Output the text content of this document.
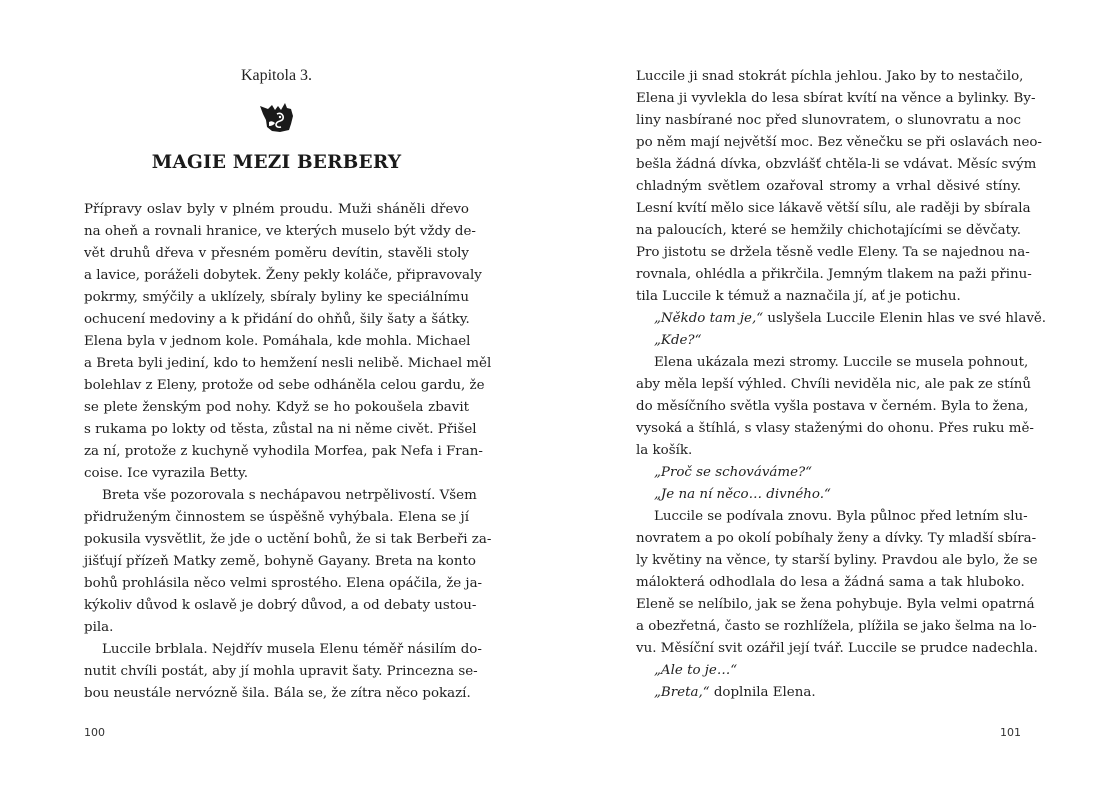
Kapitola 3.
MAGIE MEZI BERBERY
Přípravy oslav byly v plném proudu. Muži sháněli dřevo
na oheň a rovnali hranice, ve kterých muselo být vždy de-
vět druhů dřeva v přesném poměru devítin, stavěli stoly
a lavice, poráželi dobytek. Ženy pekly koláče, připravovaly
pokrmy, smýčily a uklízely, sbíraly byliny ke speciálnímu
ochucení medoviny a k přidání do ohňů, šily šaty a šátky.
Elena byla v jednom kole. Pomáhala, kde mohla. Michael
a Breta byli jediní, kdo to hemžení nesli nelibě. Michael měl
bolehlav z Eleny, protože od sebe odháněla celou gardu, že
se plete ženským pod nohy. Když se ho pokoušela zbavit
s rukama po lokty od těsta, zůstal na ni něme civět. Přišel
za ní, protože z kuchyně vyhodila Morfea, pak Nefa i Fran-
coise. Ice vyrazila Betty.
Breta vše pozorovala s nechápavou netrpělivostí. Všem
přidruženým činnostem se úspěšně vyhýbala. Elena se jí
pokusila vysvětlit, že jde o uctění bohů, že si tak Berbeři za-
jišťují přízeň Matky země, bohyně Gayany. Breta na konto
bohů prohlásila něco velmi sprostého. Elena opáčila, že ja-
kýkoliv důvod k oslavě je dobrý důvod, a od debaty ustou-
pila.
Luccile brblala. Nejdřív musela Elenu téměř násilím do-
nutit chvíli postát, aby jí mohla upravit šaty. Princezna se-
bou neustále nervózně šila. Bála se, že zítra něco pokazí.
100
Luccile ji snad stokrát píchla jehlou. Jako by to nestačilo,
Elena ji vyvlekla do lesa sbírat kvítí na věnce a bylinky. By-
liny nasbírané noc před slunovratem, o slunovratu a noc
po něm mají největší moc. Bez věnečku se při oslavách neo-
bešla žádná dívka, obzvlášť chtěla-li se vdávat. Měsíc svým
chladným světlem ozařoval stromy a vrhal děsivé stíny.
Lesní kvítí mělo sice lákavě větší sílu, ale raději by sbírala
na paloucích, které se hemžily chichotajícími se děvčaty.
Pro jistotu se držela těsně vedle Eleny. Ta se najednou na-
rovnala, ohlédla a přikrčila. Jemným tlakem na paži přinu-
tila Luccile k témuž a naznačila jí, ať je potichu.
„Někdo tam je,“ uslyšela Luccile Elenin hlas ve své hlavě.
„Kde?“
Elena ukázala mezi stromy. Luccile se musela pohnout,
aby měla lepší výhled. Chvíli neviděla nic, ale pak ze stínů
do měsíčního světla vyšla postava v černém. Byla to žena,
vysoká a štíhlá, s vlasy staženými do ohonu. Přes ruku mě-
la košík.
„Proč se schováváme?“
„Je na ní něco… divného.“
Luccile se podívala znovu. Byla půlnoc před letním slu-
novratem a po okolí pobíhaly ženy a dívky. Ty mladší sbíra-
ly květiny na věnce, ty starší byliny. Pravdou ale bylo, že se
málokterá odhodlala do lesa a žádná sama a tak hluboko.
Eleně se nelíbilo, jak se žena pohybuje. Byla velmi opatrná
a obezřetná, často se rozhlížela, plížila se jako šelma na lo-
vu. Měsíční svit ozářil její tvář. Luccile se prudce nadechla.
„Ale to je…“
„Breta,“ doplnila Elena.
101
